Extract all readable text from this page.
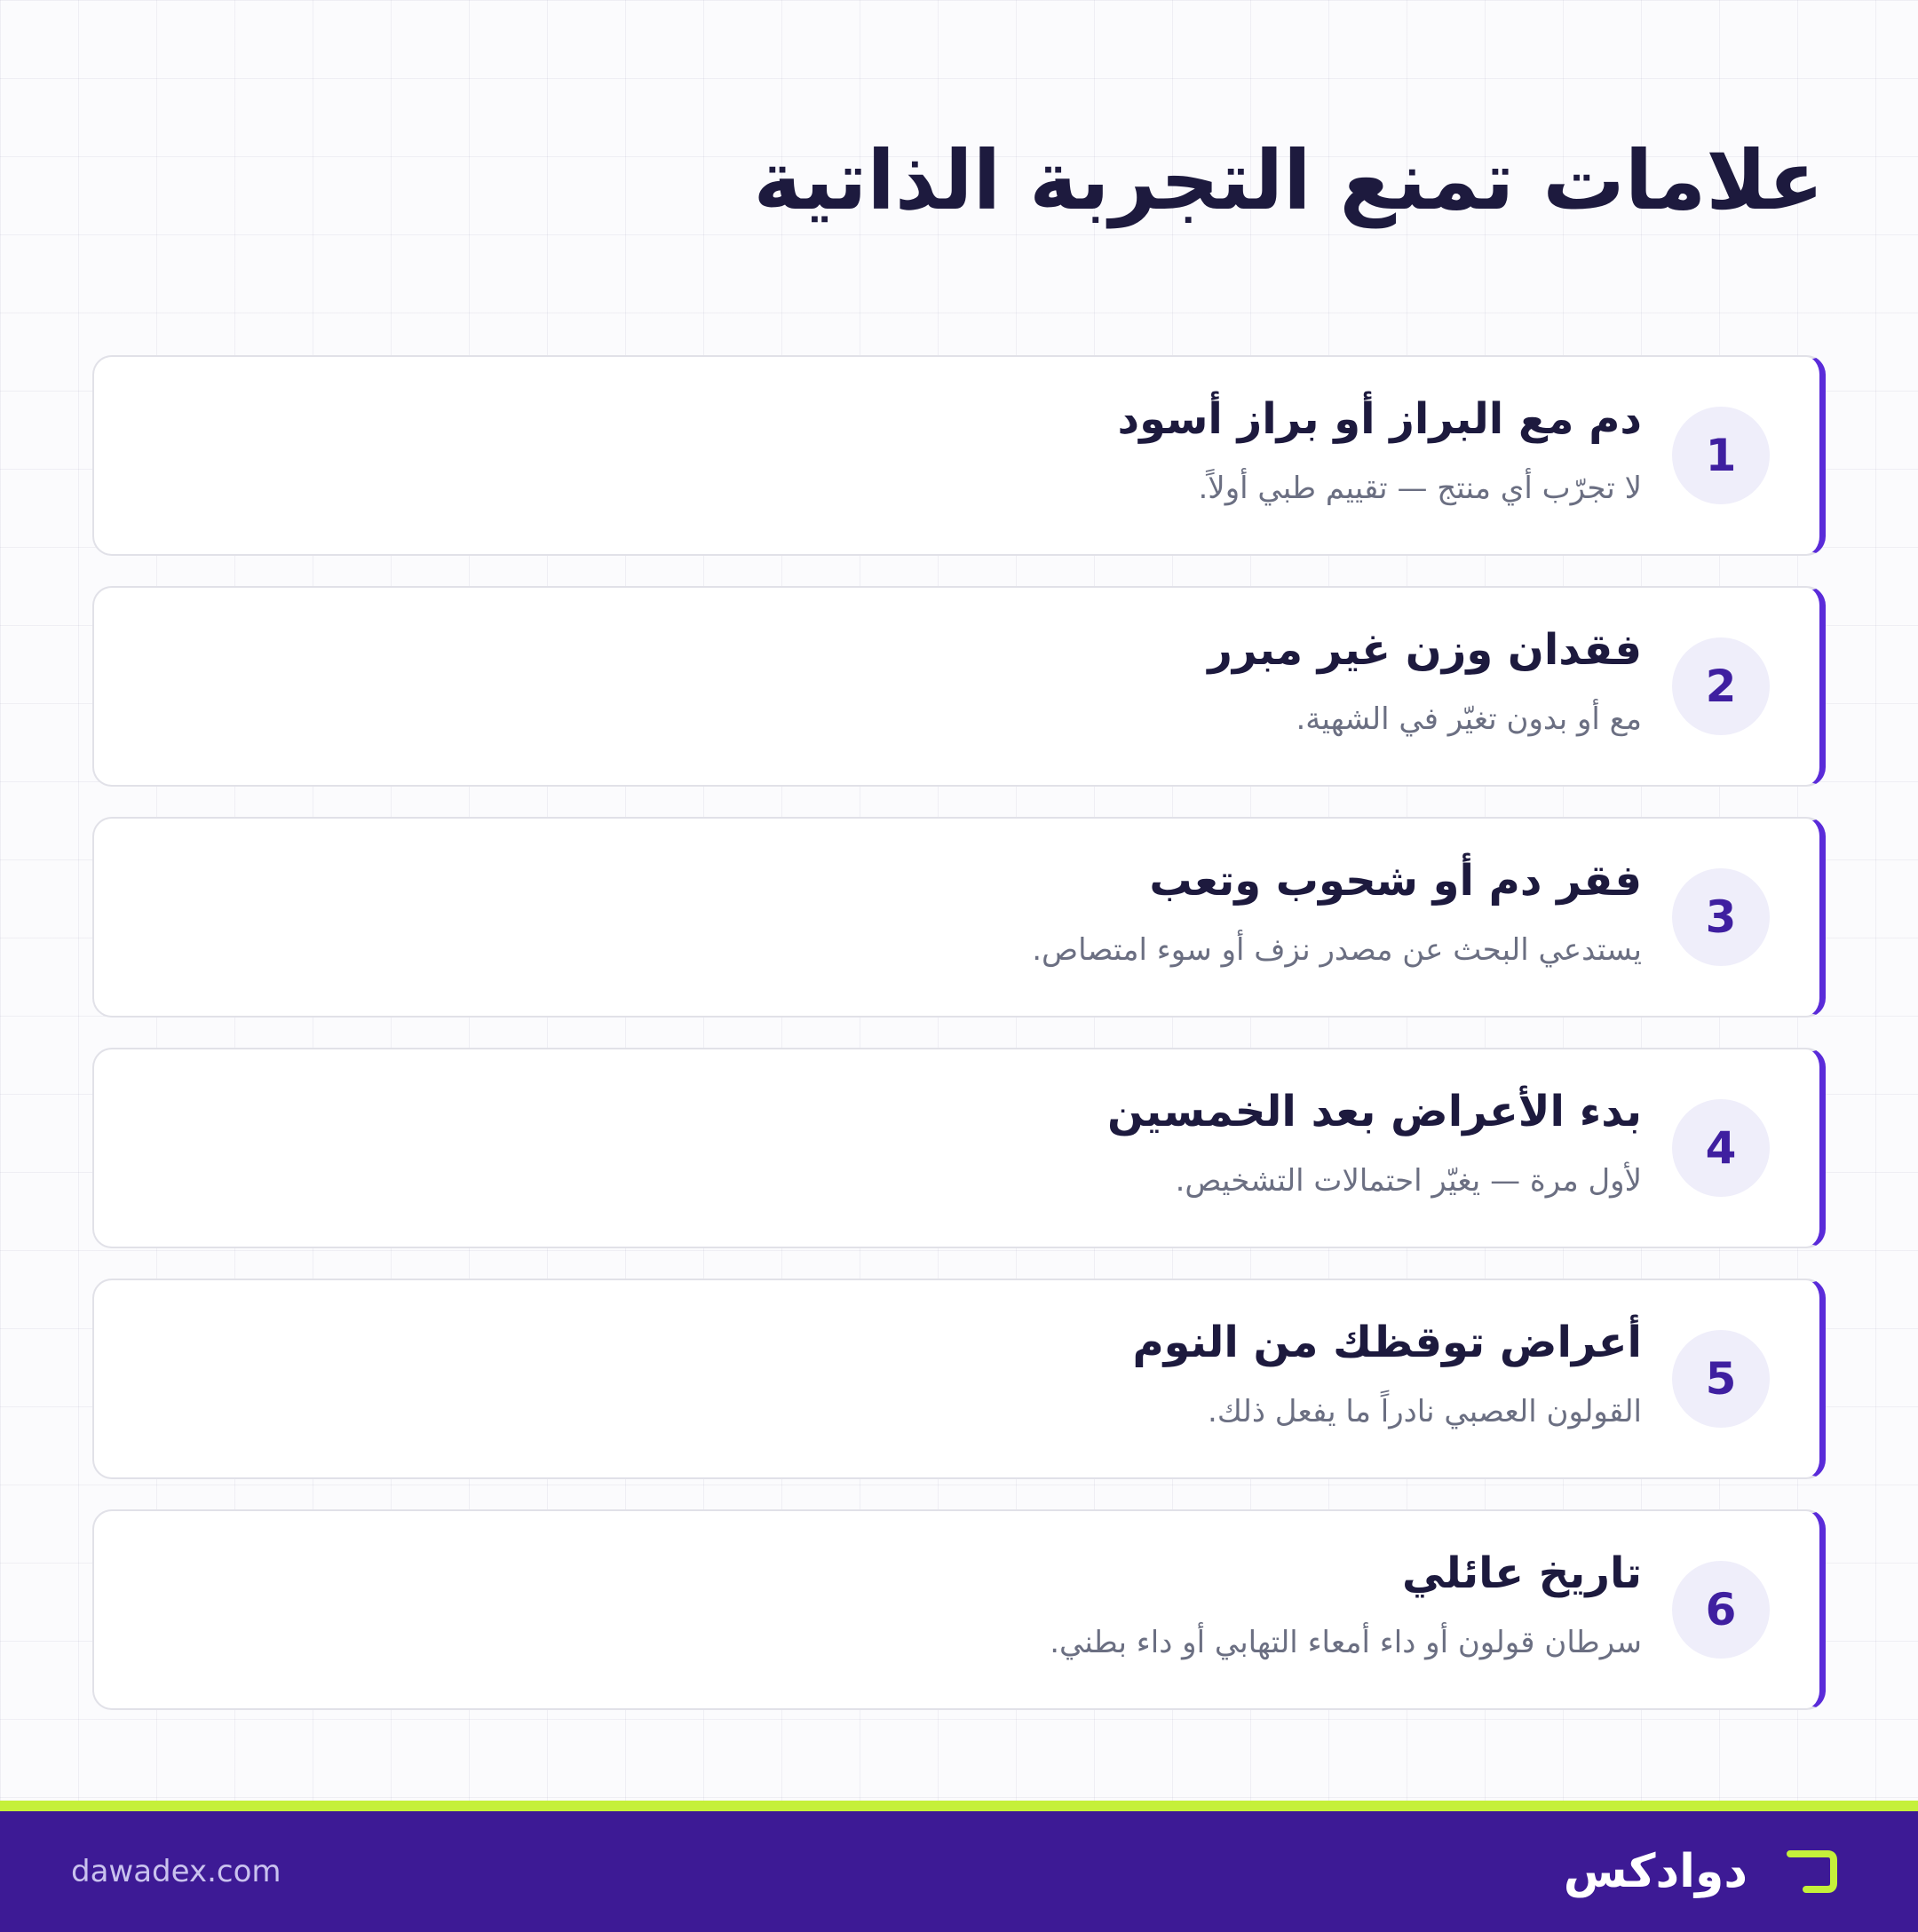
علامات تمنع التجربة الذاتية
1

دم مع البراز أو براز أسود

لا تجرّب أي منتج — تقييم طبي أولاً.

2

فقدان وزن غير مبرر

مع أو بدون تغيّر في الشهية.

3

فقر دم أو شحوب وتعب

يستدعي البحث عن مصدر نزف أو سوء امتصاص.

4

بدء الأعراض بعد الخمسين

لأول مرة — يغيّر احتمالات التشخيص.

5

أعراض توقظك من النوم

القولون العصبي نادراً ما يفعل ذلك.

6

تاريخ عائلي

سرطان قولون أو داء أمعاء التهابي أو داء بطني.

dawadex.com	دوادكس
